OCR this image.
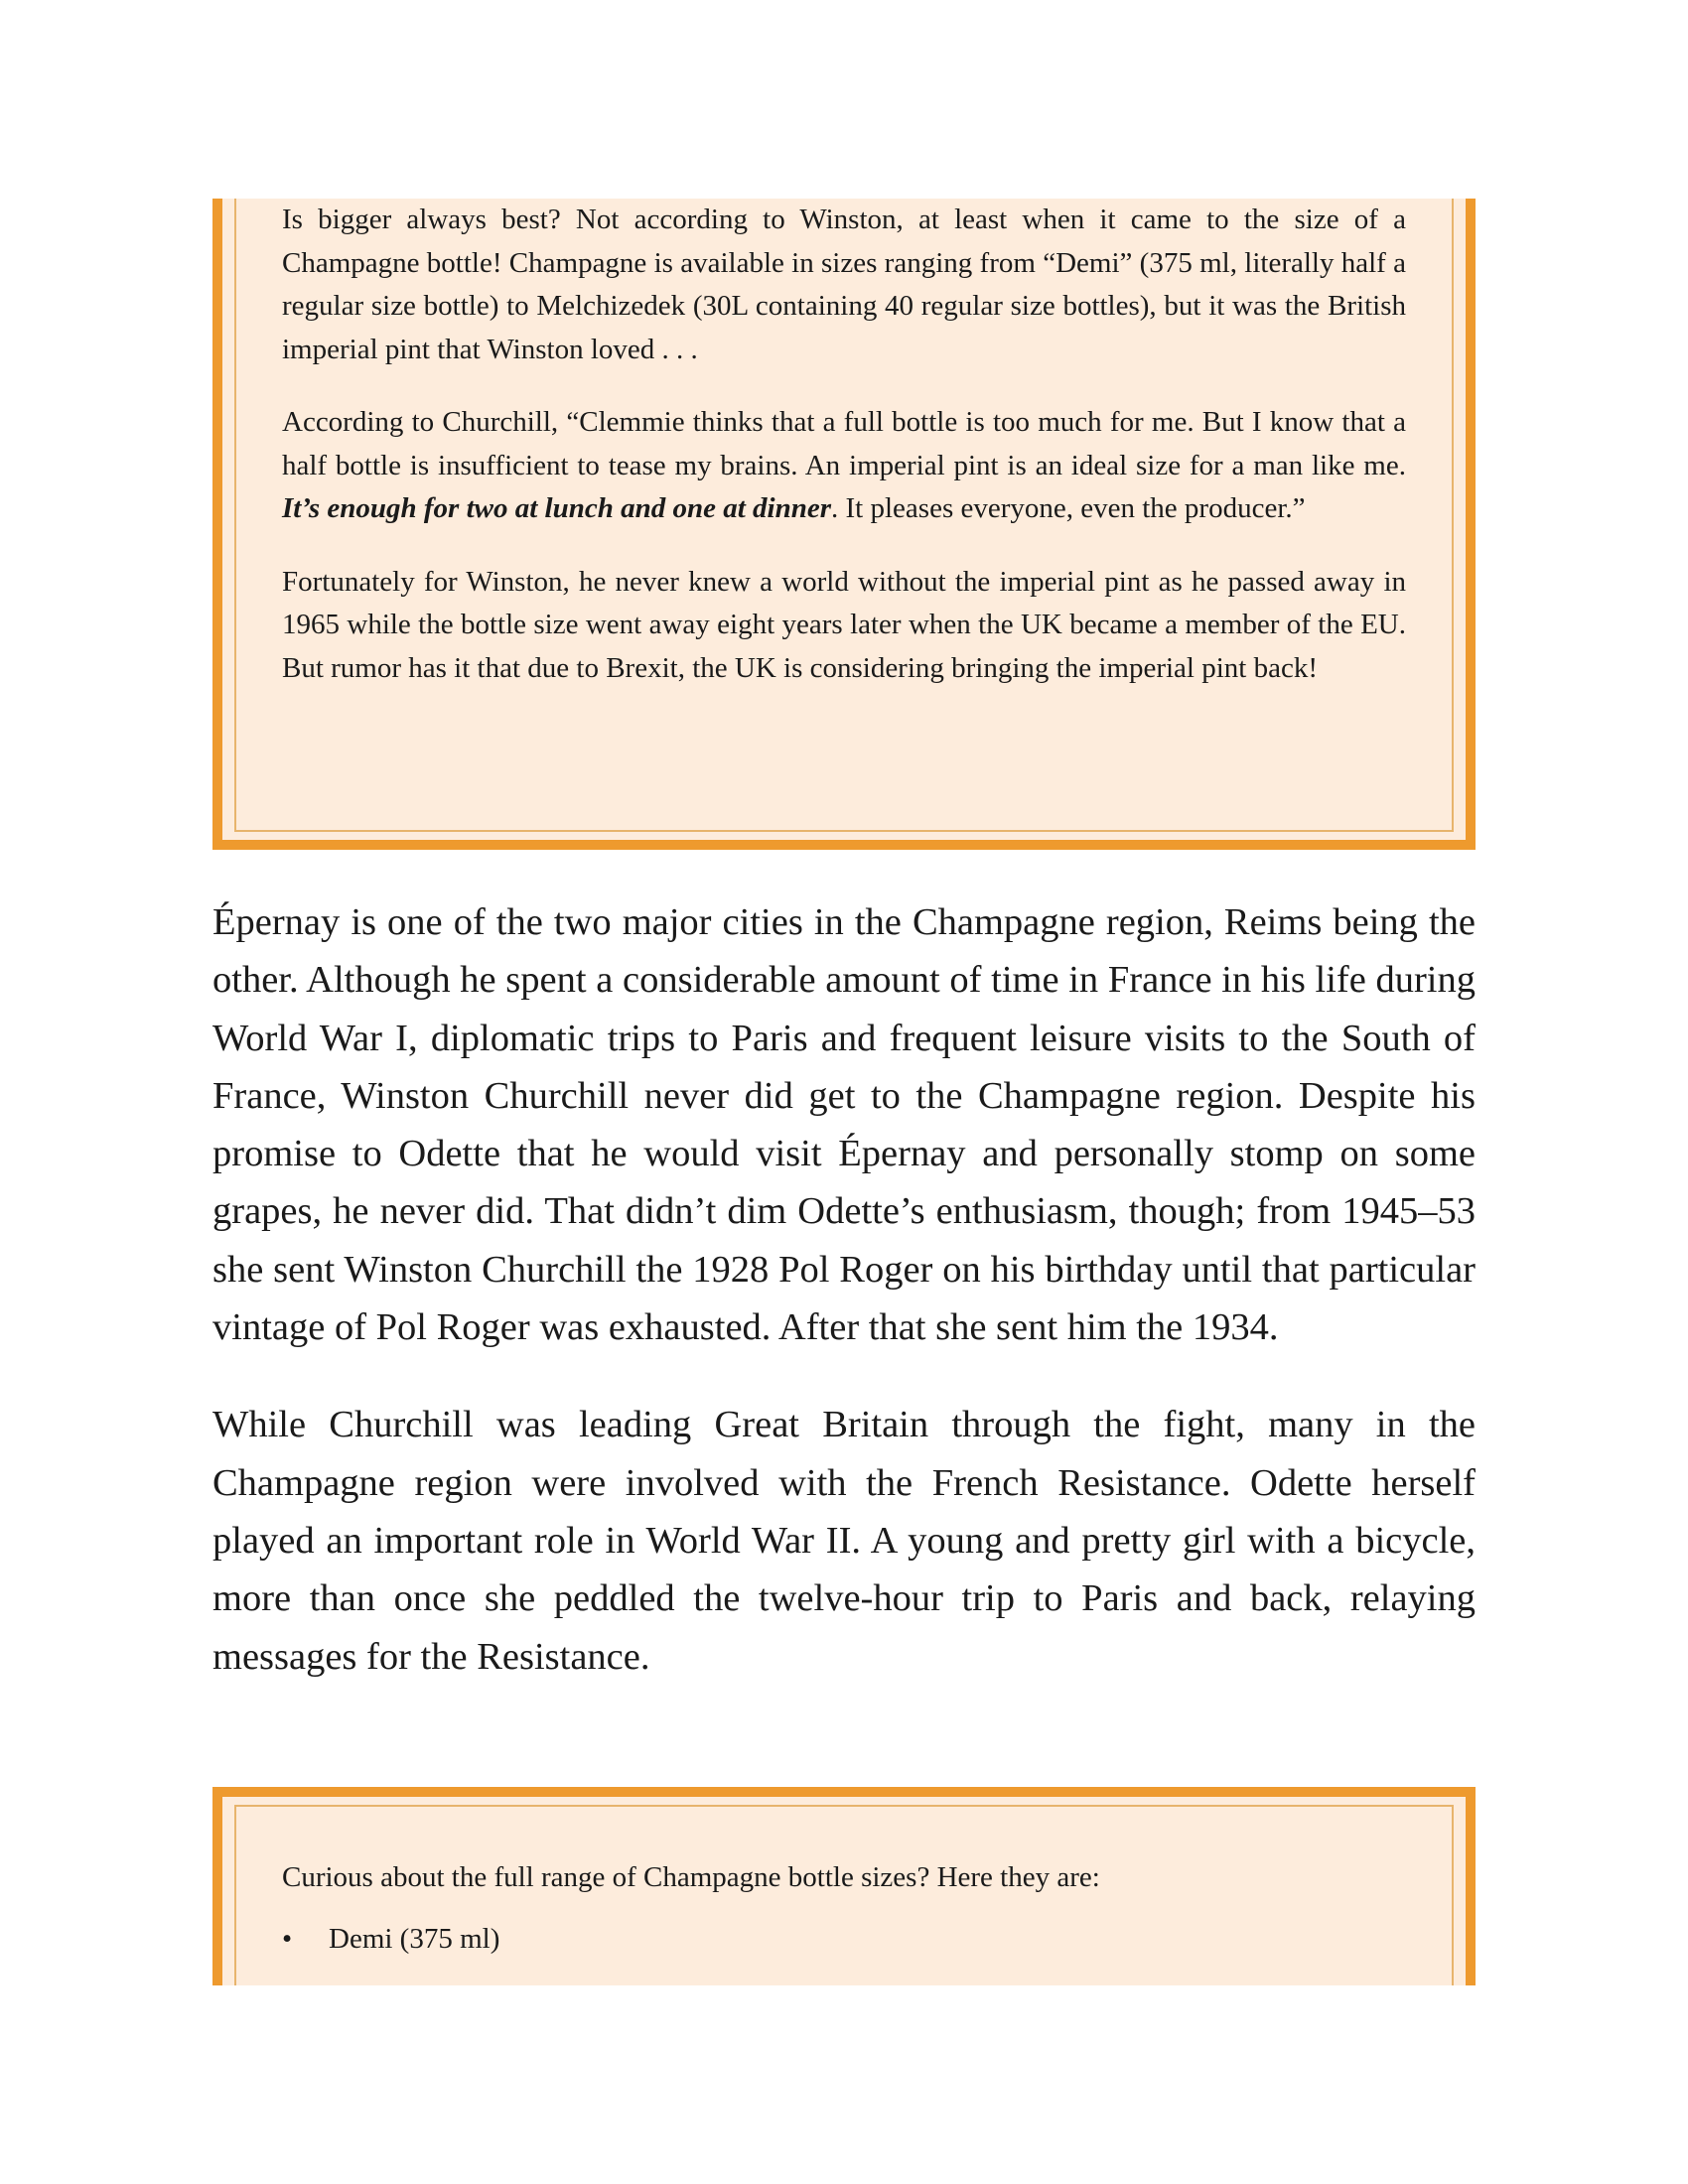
Is bigger always best? Not according to Winston, at least when it came to the size of a Champagne bottle! Champagne is available in sizes ranging from “Demi” (375 ml, literally half a regular size bottle) to Melchizedek (30L containing 40 regular size bottles), but it was the British imperial pint that Winston loved . . .

According to Churchill, “Clemmie thinks that a full bottle is too much for me. But I know that a half bottle is insufficient to tease my brains. An imperial pint is an ideal size for a man like me. It’s enough for two at lunch and one at dinner. It pleases everyone, even the producer.”

Fortunately for Winston, he never knew a world without the imperial pint as he passed away in 1965 while the bottle size went away eight years later when the UK became a member of the EU. But rumor has it that due to Brexit, the UK is considering bringing the imperial pint back!

Épernay is one of the two major cities in the Champagne region, Reims being the other. Although he spent a considerable amount of time in France in his life during World War I, diplomatic trips to Paris and frequent leisure visits to the South of France, Winston Churchill never did get to the Champagne region. Despite his promise to Odette that he would visit Épernay and personally stomp on some grapes, he never did. That didn’t dim Odette’s enthusiasm, though; from 1945–53 she sent Winston Churchill the 1928 Pol Roger on his birthday until that particular vintage of Pol Roger was exhausted. After that she sent him the 1934.

While Churchill was leading Great Britain through the fight, many in the Champagne region were involved with the French Resistance. Odette herself played an important role in World War II. A young and pretty girl with a bicycle, more than once she peddled the twelve-hour trip to Paris and back, relaying messages for the Resistance.

Curious about the full range of Champagne bottle sizes? Here they are:

• Demi (375 ml)
